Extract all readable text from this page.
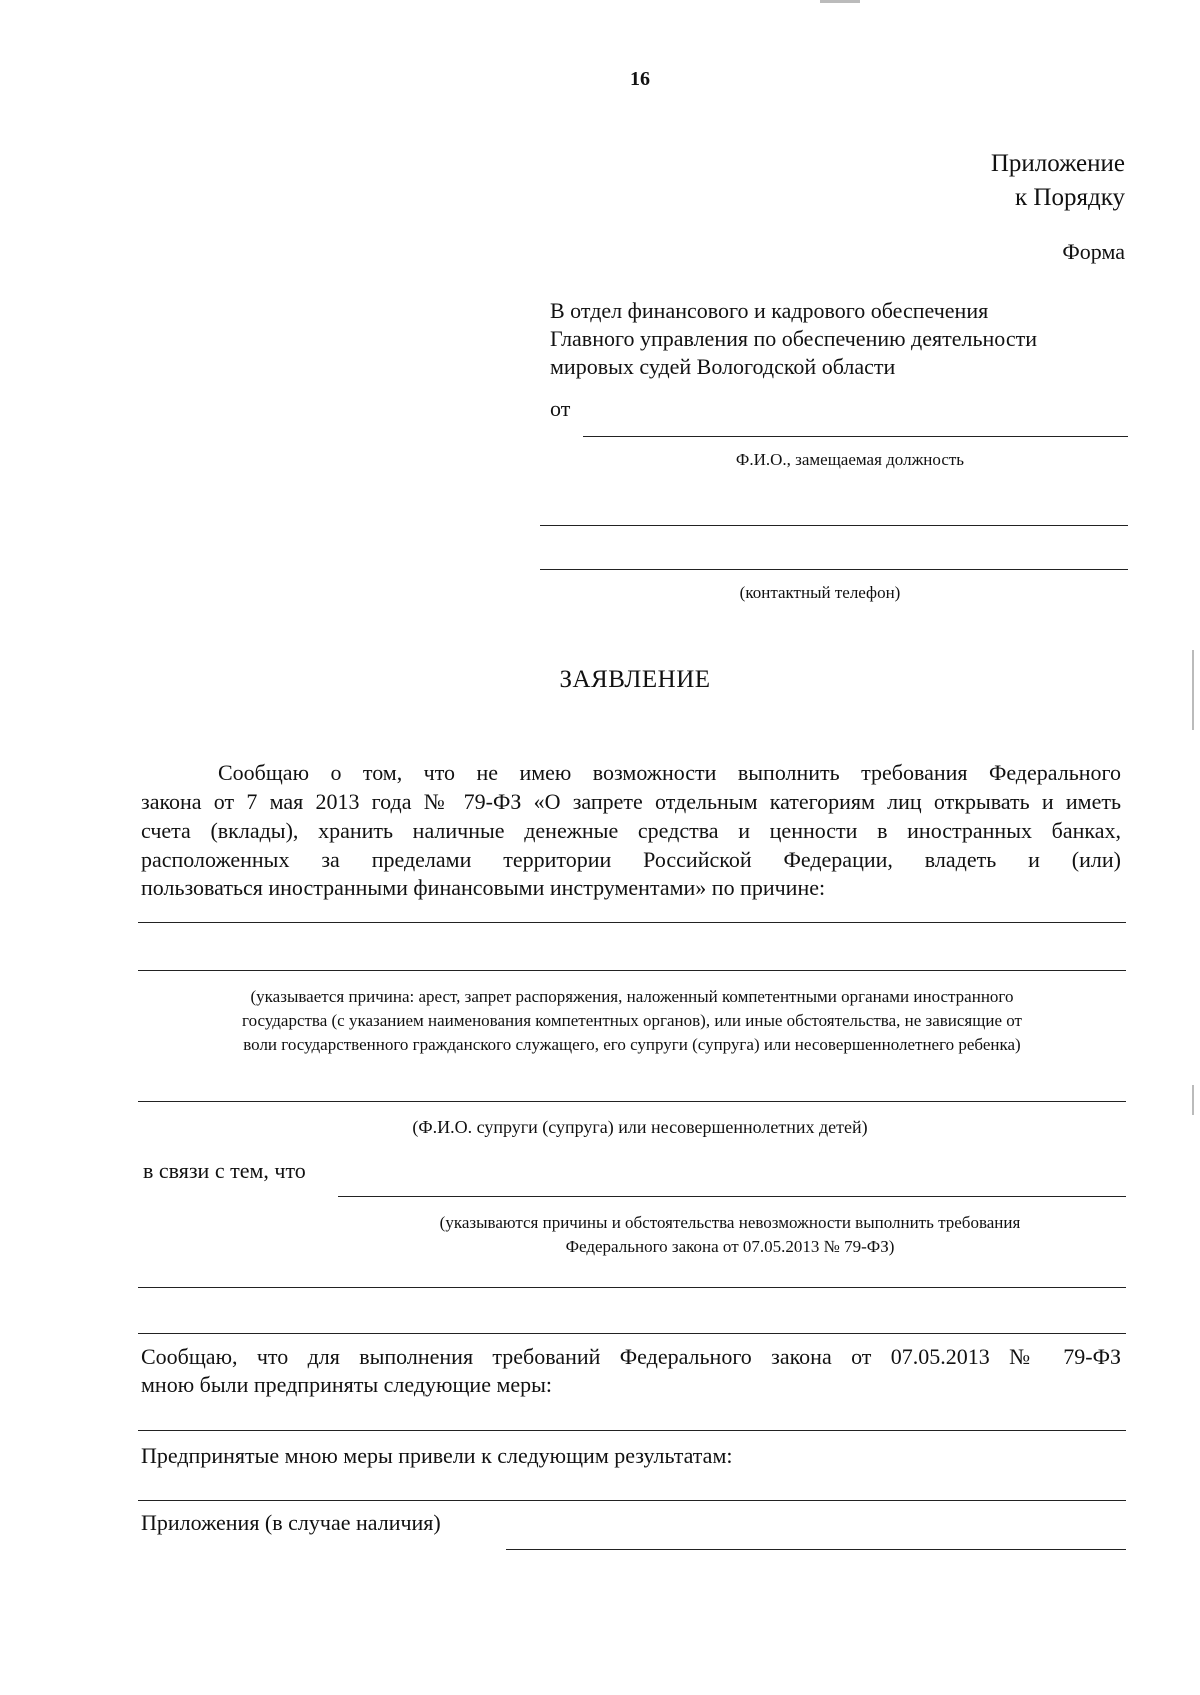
16
Приложение
к Порядку
Форма
В отдел финансового и кадрового обеспечения
Главного управления по обеспечению деятельности
мировых судей Вологодской области
от
Ф.И.О., замещаемая должность
(контактный телефон)
ЗАЯВЛЕНИЕ
Сообщаю о том, что не имею возможности выполнить требования Федерального
закона от 7 мая 2013 года № 79-ФЗ «О запрете отдельным категориям лиц открывать и иметь
счета (вклады), хранить наличные денежные средства и ценности в иностранных банках,
расположенных за пределами территории Российской Федерации, владеть и (или)
пользоваться иностранными финансовыми инструментами» по причине:
(указывается причина: арест, запрет распоряжения, наложенный компетентными органами иностранного
государства (с указанием наименования компетентных органов), или иные обстоятельства, не зависящие от
воли государственного гражданского служащего, его супруги (супруга) или несовершеннолетнего ребенка)
(Ф.И.О. супруги (супруга) или несовершеннолетних детей)
в связи с тем, что
(указываются причины и обстоятельства невозможности выполнить требования
Федерального закона от 07.05.2013 № 79-ФЗ)
Сообщаю, что для выполнения требований Федерального закона от 07.05.2013 № 79-ФЗ
мною были предприняты следующие меры:
Предпринятые мною меры привели к следующим результатам:
Приложения (в случае наличия)
